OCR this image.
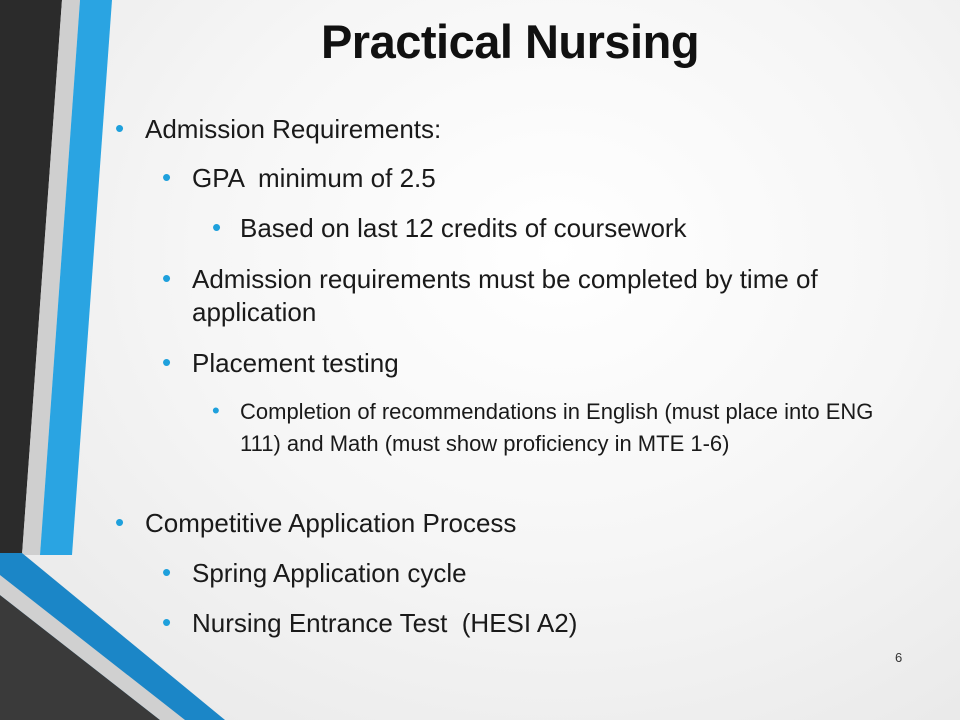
Practical Nursing
• Admission Requirements:
• GPA  minimum of 2.5
• Based on last 12 credits of coursework
• Admission requirements must be completed by time of application
• Placement testing
• Completion of recommendations in English (must place into ENG 111) and Math (must show proficiency in MTE 1-6)
• Competitive Application Process
• Spring Application cycle
• Nursing Entrance Test  (HESI A2)
6
